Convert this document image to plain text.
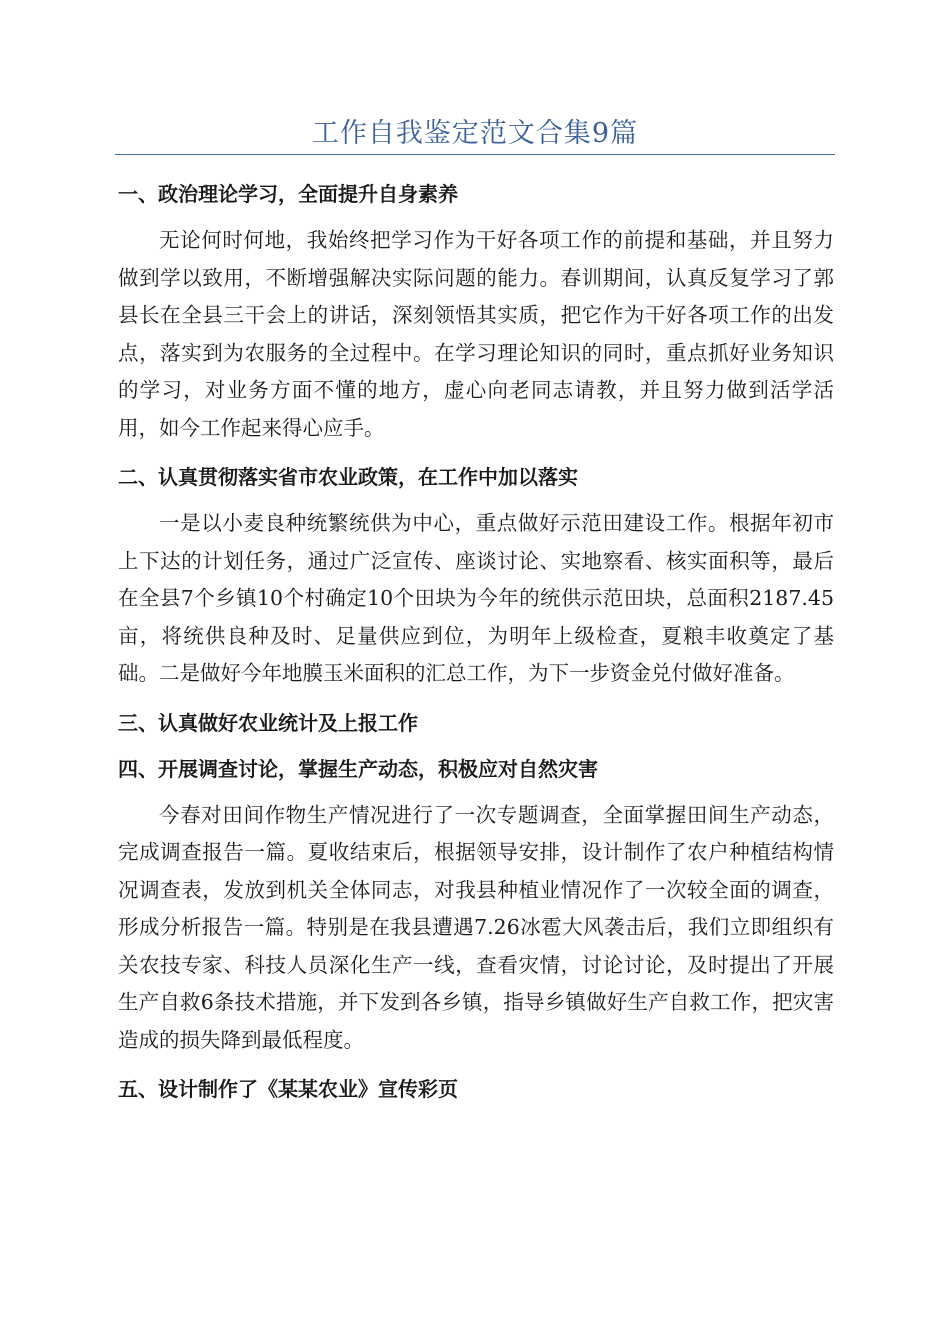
工作自我鉴定范文合集9篇
一、政治理论学习，全面提升自身素养

无论何时何地，我始终把学习作为干好各项工作的前提和基础，并且努力做到学以致用，不断增强解决实际问题的能力。春训期间，认真反复学习了郭县长在全县三干会上的讲话，深刻领悟其实质，把它作为干好各项工作的出发点，落实到为农服务的全过程中。在学习理论知识的同时，重点抓好业务知识的学习，对业务方面不懂的地方，虚心向老同志请教，并且努力做到活学活用，如今工作起来得心应手。

二、认真贯彻落实省市农业政策，在工作中加以落实

一是以小麦良种统繁统供为中心，重点做好示范田建设工作。根据年初市上下达的计划任务，通过广泛宣传、座谈讨论、实地察看、核实面积等，最后在全县7个乡镇10个村确定10个田块为今年的统供示范田块，总面积2187.45亩，将统供良种及时、足量供应到位，为明年上级检查，夏粮丰收奠定了基础。二是做好今年地膜玉米面积的汇总工作，为下一步资金兑付做好准备。

三、认真做好农业统计及上报工作
四、开展调查讨论，掌握生产动态，积极应对自然灾害

今春对田间作物生产情况进行了一次专题调查，全面掌握田间生产动态，完成调查报告一篇。夏收结束后，根据领导安排，设计制作了农户种植结构情况调查表，发放到机关全体同志，对我县种植业情况作了一次较全面的调查，形成分析报告一篇。特别是在我县遭遇7.26冰雹大风袭击后，我们立即组织有关农技专家、科技人员深化生产一线，查看灾情，讨论讨论，及时提出了开展生产自救6条技术措施，并下发到各乡镇，指导乡镇做好生产自救工作，把灾害造成的损失降到最低程度。

五、设计制作了《某某农业》宣传彩页
